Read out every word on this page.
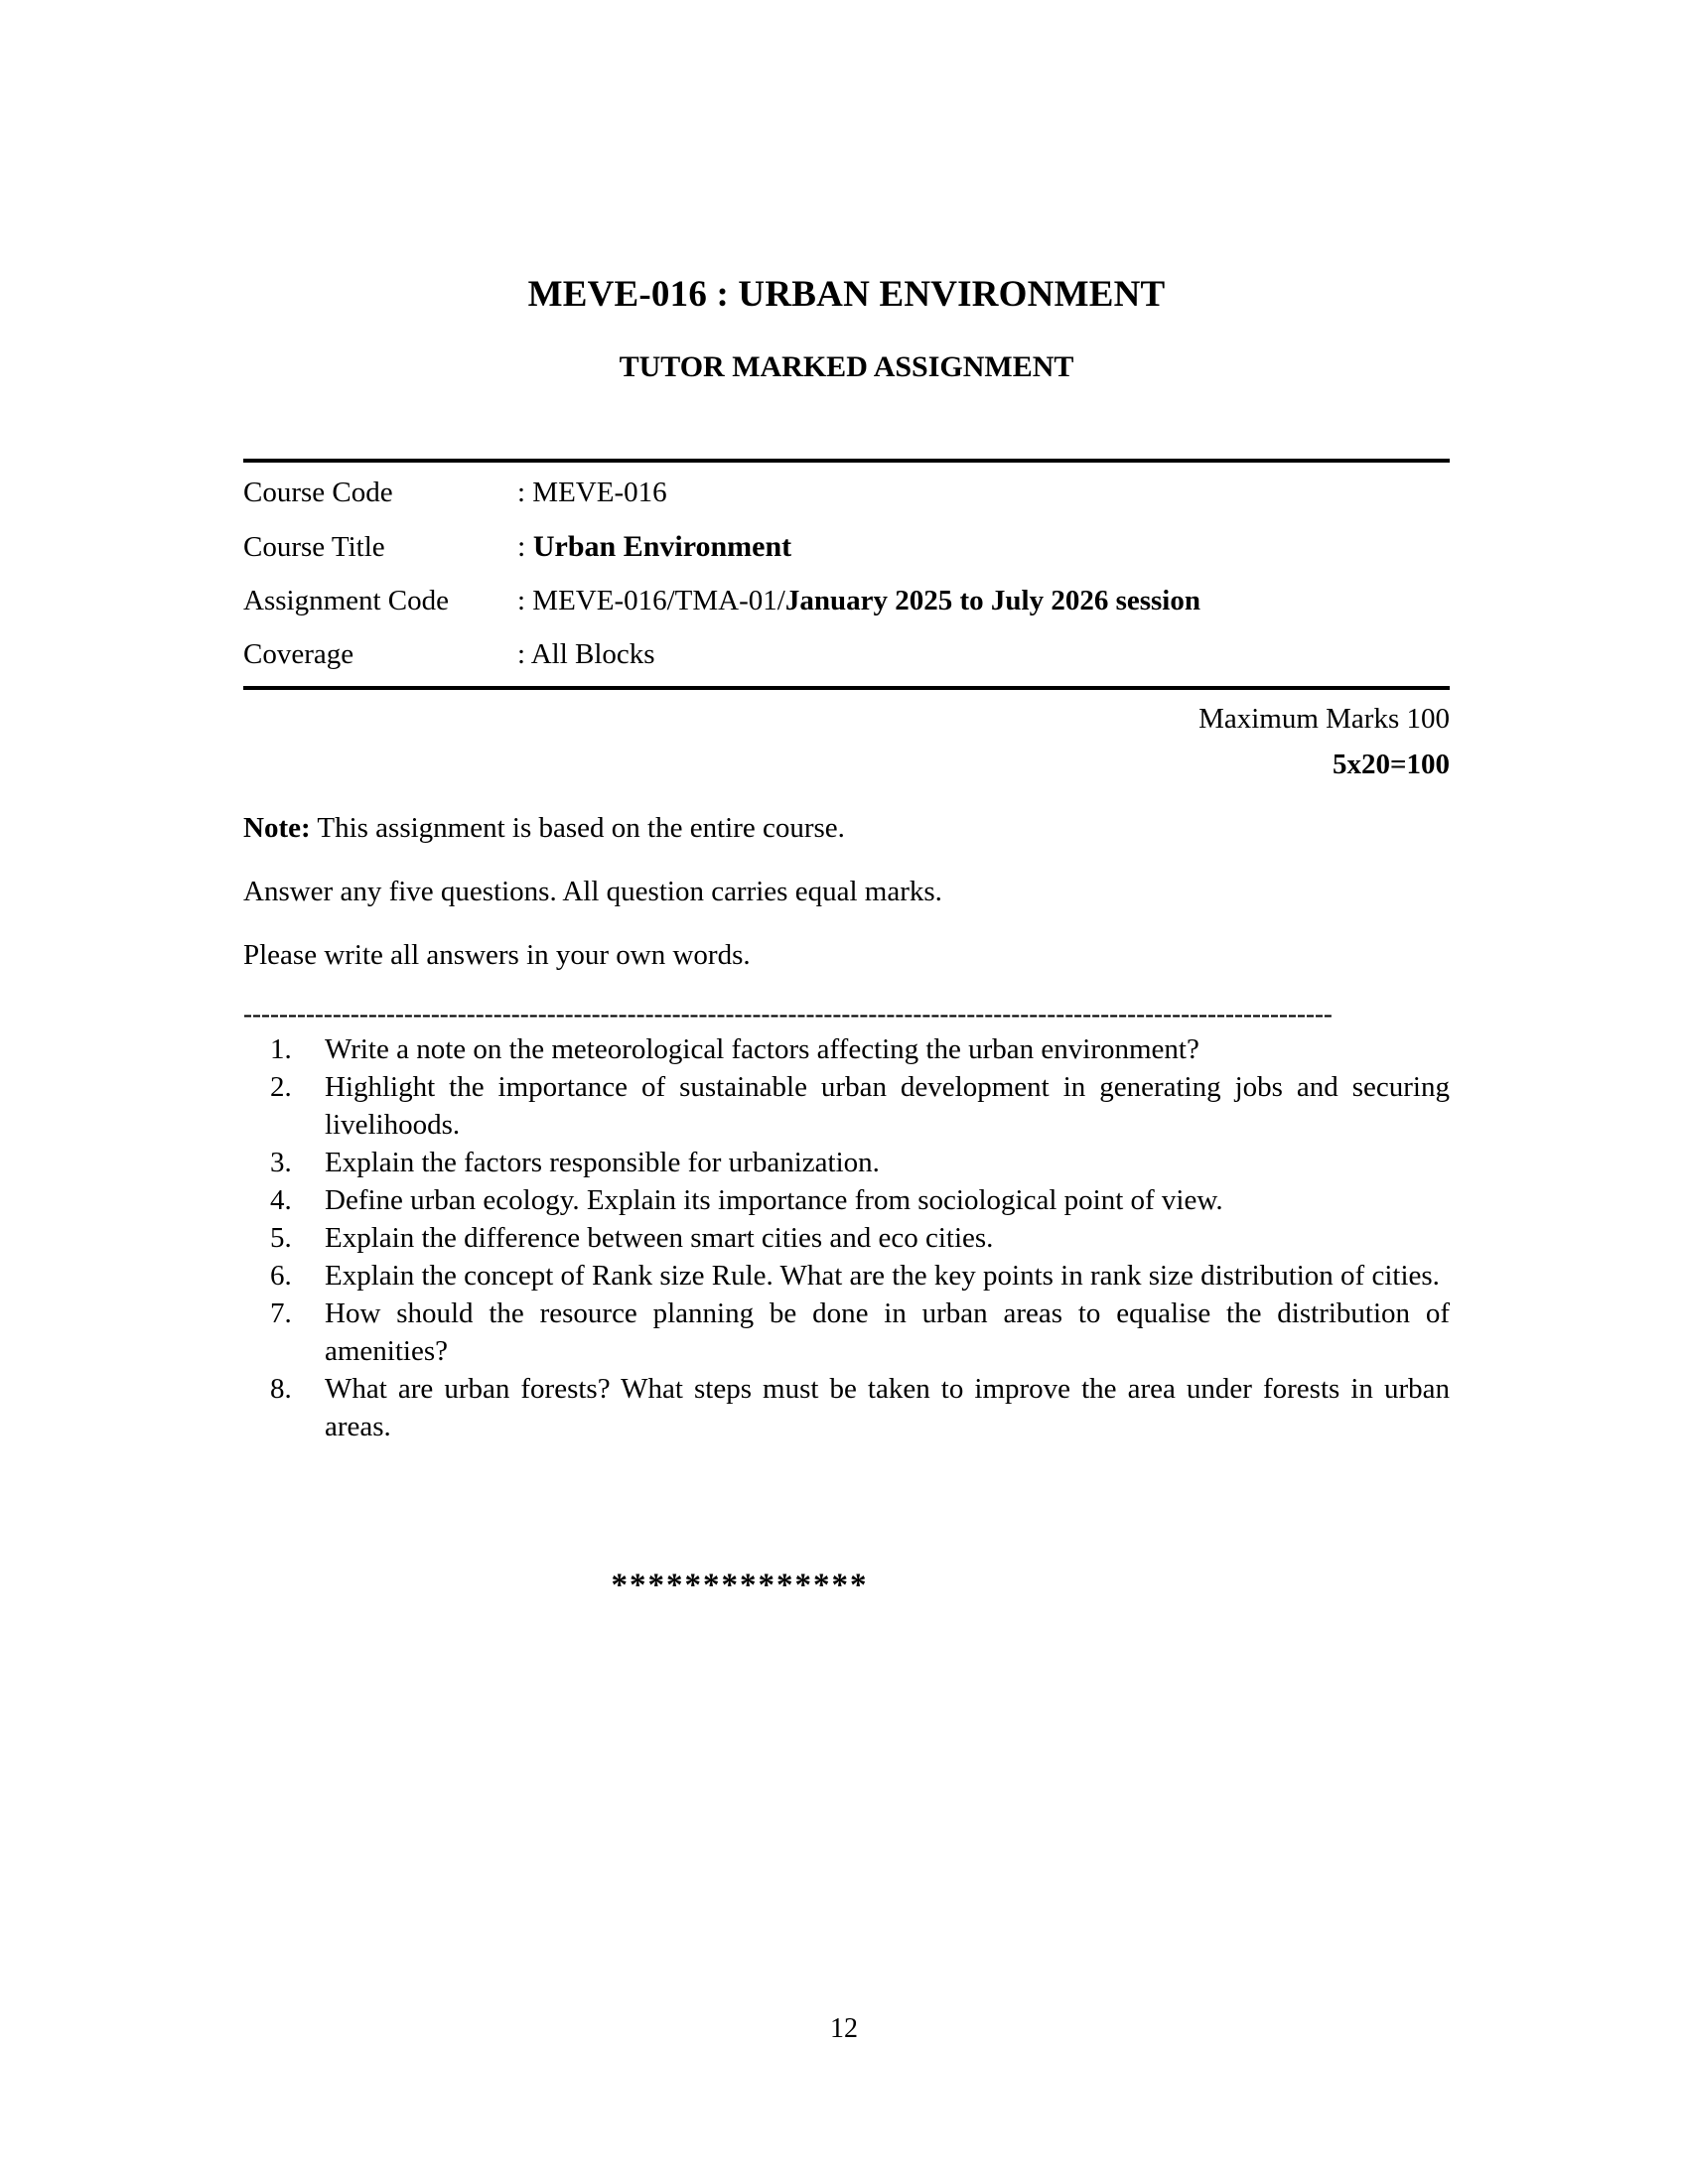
MEVE-016 : URBAN ENVIRONMENT
TUTOR MARKED ASSIGNMENT
Course Code	: MEVE-016
Course Title	: Urban Environment
Assignment Code	: MEVE-016/TMA-01/January 2025 to July 2026 session
Coverage	: All Blocks
Maximum Marks 100
5x20=100
Note: This assignment is based on the entire course.
Answer any five questions. All question carries equal marks.
Please write all answers in your own words.
--------------------------------------------------------------------------------------------------------------------------
Write a note on the meteorological factors affecting the urban environment?
Highlight the importance of sustainable urban development in generating jobs and securing livelihoods.
Explain the factors responsible for urbanization.
Define urban ecology. Explain its importance from sociological point of view.
Explain the difference between smart cities and eco cities.
Explain the concept of Rank size Rule. What are the key points in rank size distribution of cities.
How should the resource planning be done in urban areas to equalise the distribution of amenities?
What are urban forests? What steps must be taken to improve the area under forests in urban areas.
**************
12
